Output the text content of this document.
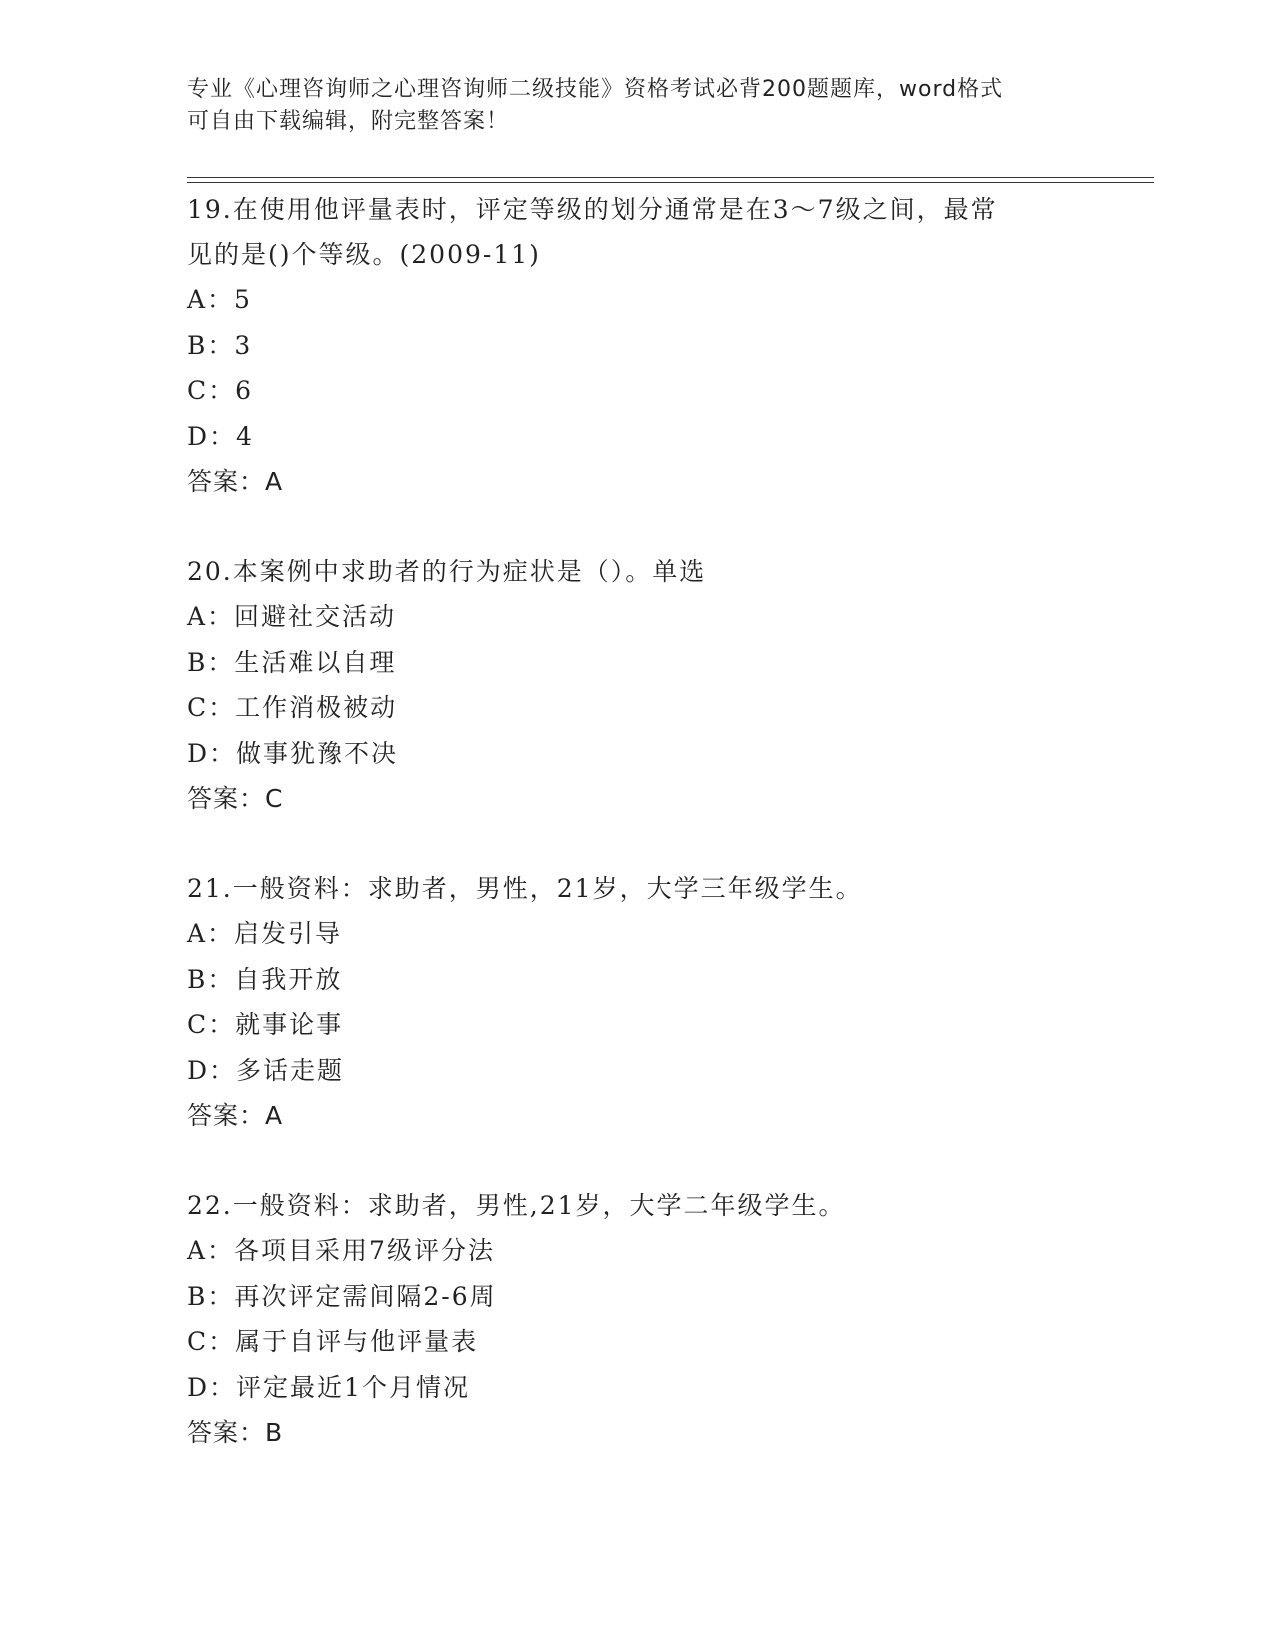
专业《心理咨询师之心理咨询师二级技能》资格考试必背200题题库，word格式
可自由下载编辑，附完整答案！

19.在使用他评量表时，评定等级的划分通常是在3～7级之间，最常

见的是()个等级。(2009-11)

A：5

B：3

C：6

D：4

答案：A

20.本案例中求助者的行为症状是（）。单选

A：回避社交活动

B：生活难以自理

C：工作消极被动

D：做事犹豫不决

答案：C

21.一般资料：求助者，男性，21岁，大学三年级学生。

A：启发引导

B：自我开放

C：就事论事

D：多话走题

答案：A

22.一般资料：求助者，男性,21岁，大学二年级学生。

A：各项目采用7级评分法

B：再次评定需间隔2-6周

C：属于自评与他评量表

D：评定最近1个月情况

答案：B
